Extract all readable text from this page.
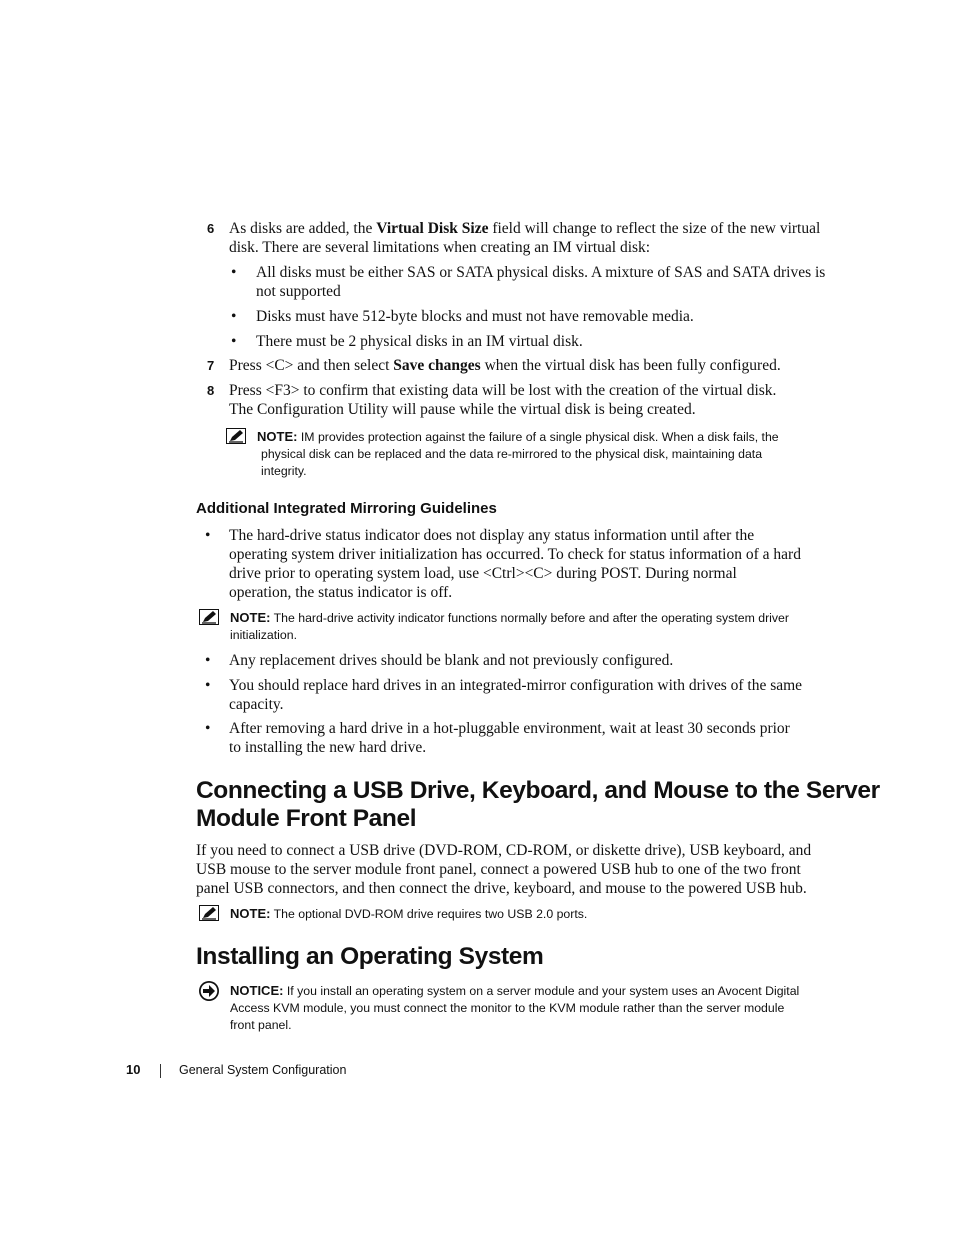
6 As disks are added, the Virtual Disk Size field will change to reflect the size of the new virtual
disk. There are several limitations when creating an IM virtual disk:
• All disks must be either SAS or SATA physical disks. A mixture of SAS and SATA drives is
not supported
• Disks must have 512-byte blocks and must not have removable media.
• There must be 2 physical disks in an IM virtual disk.
7 Press <C> and then select Save changes when the virtual disk has been fully configured.
8 Press <F3> to confirm that existing data will be lost with the creation of the virtual disk.
The Configuration Utility will pause while the virtual disk is being created.
NOTE: IM provides protection against the failure of a single physical disk. When a disk fails, the
physical disk can be replaced and the data re-mirrored to the physical disk, maintaining data
integrity.
Additional Integrated Mirroring Guidelines
• The hard-drive status indicator does not display any status information until after the
operating system driver initialization has occurred. To check for status information of a hard
drive prior to operating system load, use <Ctrl><C> during POST. During normal
operation, the status indicator is off.
NOTE: The hard-drive activity indicator functions normally before and after the operating system driver
initialization.
• Any replacement drives should be blank and not previously configured.
• You should replace hard drives in an integrated-mirror configuration with drives of the same
capacity.
• After removing a hard drive in a hot-pluggable environment, wait at least 30 seconds prior
to installing the new hard drive.
Connecting a USB Drive, Keyboard, and Mouse to the Server
Module Front Panel
If you need to connect a USB drive (DVD-ROM, CD-ROM, or diskette drive), USB keyboard, and
USB mouse to the server module front panel, connect a powered USB hub to one of the two front
panel USB connectors, and then connect the drive, keyboard, and mouse to the powered USB hub.
NOTE: The optional DVD-ROM drive requires two USB 2.0 ports.
Installing an Operating System
NOTICE: If you install an operating system on a server module and your system uses an Avocent Digital
Access KVM module, you must connect the monitor to the KVM module rather than the server module
front panel.
10	General System Configuration
